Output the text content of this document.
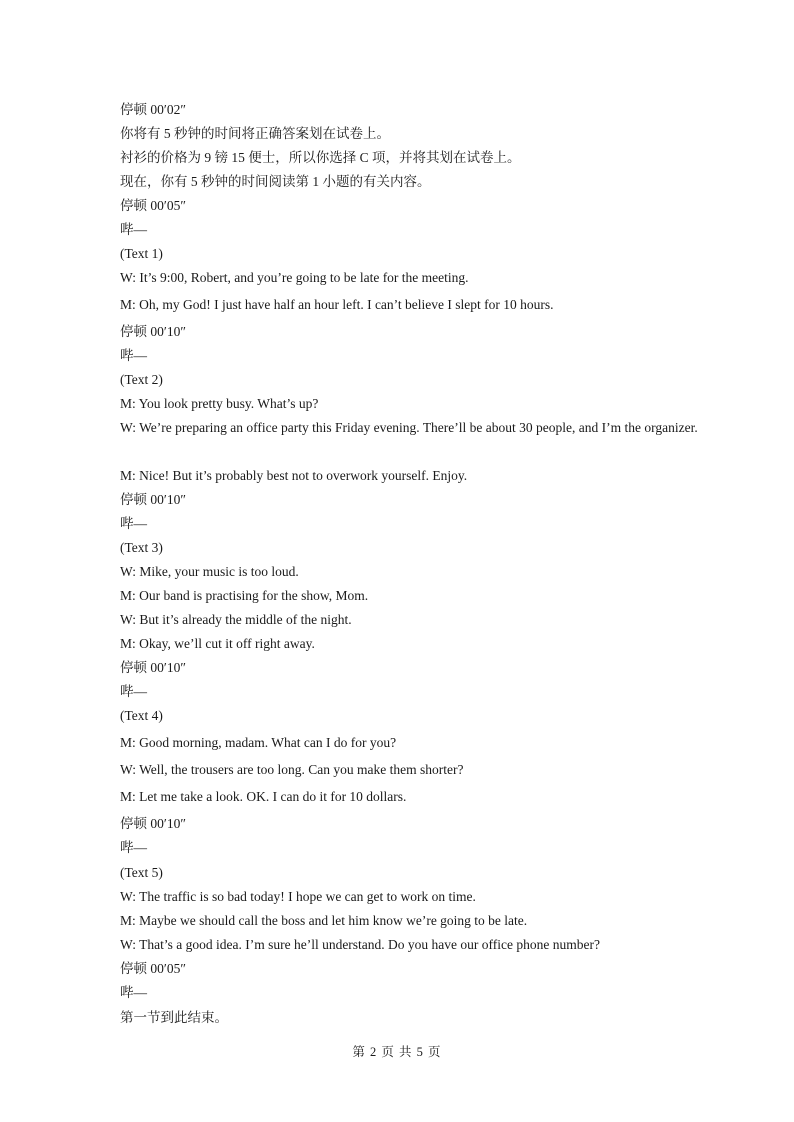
停顿 00′02″
你将有 5 秒钟的时间将正确答案划在试卷上。
衬衫的价格为 9 镑 15 便士，所以你选择 C 项，并将其划在试卷上。
现在，你有 5 秒钟的时间阅读第 1 小题的有关内容。
停顿 00′05″
哔—
(Text 1)
W: It’s 9:00, Robert, and you’re going to be late for the meeting.
M: Oh, my God! I just have half an hour left. I can’t believe I slept for 10 hours.
停顿 00′10″
哔—
(Text 2)
M: You look pretty busy. What’s up?
W: We’re preparing an office party this Friday evening. There’ll be about 30 people, and I’m the organizer.
M: Nice! But it’s probably best not to overwork yourself. Enjoy.
停顿 00′10″
哔—
(Text 3)
W: Mike, your music is too loud.
M: Our band is practising for the show, Mom.
W: But it’s already the middle of the night.
M: Okay, we’ll cut it off right away.
停顿 00′10″
哔—
(Text 4)
M: Good morning, madam. What can I do for you?
W: Well, the trousers are too long. Can you make them shorter?
M: Let me take a look. OK. I can do it for 10 dollars.
停顿 00′10″
哔—
(Text 5)
W: The traffic is so bad today! I hope we can get to work on time.
M: Maybe we should call the boss and let him know we’re going to be late.
W: That’s a good idea. I’m sure he’ll understand. Do you have our office phone number?
停顿 00′05″
哔—
第一节到此结束。
第 2 页 共 5 页
